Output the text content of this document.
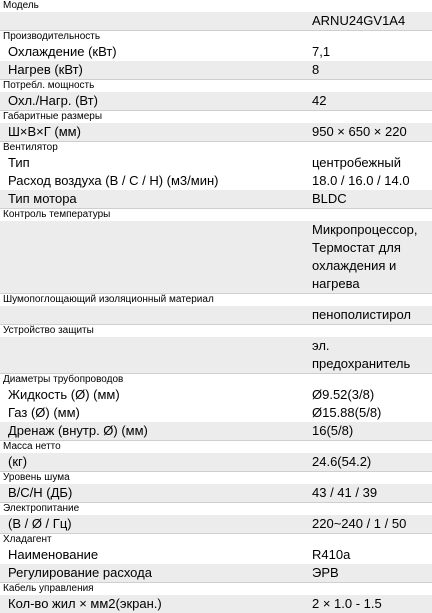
Модель
ARNU24GV1A4
Производительность
Охлаждение (кВт)	7,1
Нагрев (кВт)	8
Потребл. мощность
Охл./Нагр. (Вт)	42
Габаритные размеры
Ш×В×Г (мм)	950 × 650 × 220
Вентилятор
Тип	центробежный
Расход воздуха (В / С / Н) (м3/мин)	18.0 / 16.0 / 14.0
Тип мотора	BLDC
Контроль температуры
Микропроцессор,
Термостат для
охлаждения и
нагрева
Шумопоглощающий изоляционный материал
пенополистирол
Устройство защиты
эл.
предохранитель
Диаметры трубопроводов
Жидкость (Ø) (мм)	Ø9.52(3/8)
Газ (Ø) (мм)	Ø15.88(5/8)
Дренаж (внутр. Ø) (мм)	16(5/8)
Масса нетто
(кг)	24.6(54.2)
Уровень шума
В/С/Н (ДБ)	43 / 41 / 39
Электропитание
(В / Ø / Гц)	220~240 / 1 / 50
Хладагент
Наименование	R410a
Регулирование расхода	ЭРВ
Кабель управления
Кол-во жил × мм2(экран.)	2 × 1.0 - 1.5
